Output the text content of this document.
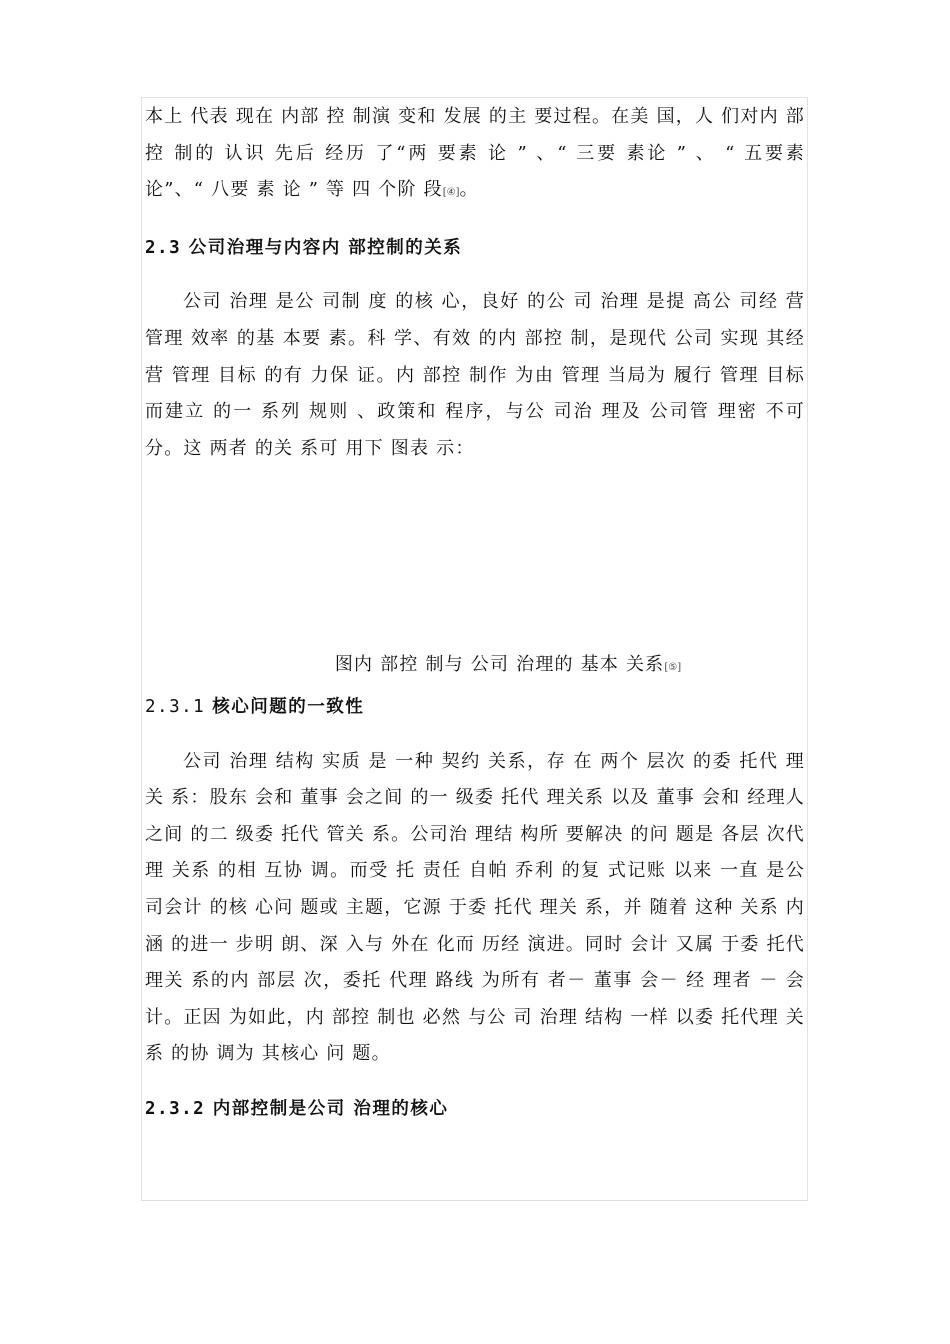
本上 代表 现在 内部 控 制演 变和 发展 的主 要过程。在美 国，人 们对内 部控 制的 认识 先后 经历 了“两 要素 论 ” 、“ 三要 素论 ” 、 “ 五要素 论”、“ 八要 素 论 ” 等 四 个阶 段[④]。

2.3 公司治理与内容内 部控制的关系

公司 治理 是公 司制 度 的核 心，良好 的公 司 治理 是提 高公 司经 营 管理 效率 的基 本要 素。科 学、有效 的内 部控 制，是现代 公司 实现 其经营 管理 目标 的有 力保 证。内 部控 制作 为由 管理 当局为 履行 管理 目标 而建立 的一 系列 规则 、政策和 程序，与公 司治 理及 公司管 理密 不可 分。这 两者 的关 系可 用下 图表 示：

图内 部控 制与 公司 治理的 基本 关系[⑤]

2.3.1 核心问题的一致性

公司 治理 结构 实质 是 一种 契约 关系，存 在 两个 层次 的委 托代 理关 系：股东 会和 董事 会之间 的一 级委 托代 理关系 以及 董事 会和 经理人 之间 的二 级委 托代 管关 系。公司治 理结 构所 要解决 的问 题是 各层 次代理 关系 的相 互协 调。而受 托 责任 自帕 乔利 的复 式记账 以来 一直 是公 司会计 的核 心问 题或 主题，它源 于委 托代 理关 系，并 随着 这种 关系 内涵 的进一 步明 朗、深 入与 外在 化而 历经 演进。同时 会计 又属 于委 托代 理关 系的内 部层 次，委托 代理 路线 为所有 者－ 董事 会－ 经 理者 － 会 计。正因 为如此，内 部控 制也 必然 与公 司 治理 结构 一样 以委 托代理 关系 的协 调为 其核心 问 题。

2.3.2 内部控制是公司 治理的核心
